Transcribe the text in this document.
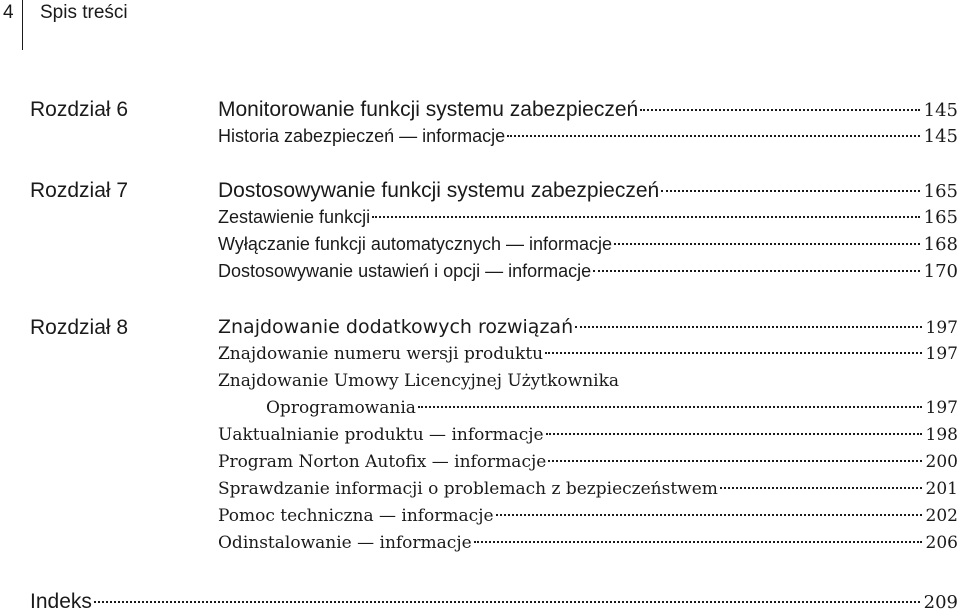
4 Spis treści
Rozdział 6	Monitorowanie funkcji systemu zabezpieczeń	145
Historia zabezpieczeń — informacje	145
Rozdział 7	Dostosowywanie funkcji systemu zabezpieczeń	165
Zestawienie funkcji	165
Wyłączanie funkcji automatycznych — informacje	168
Dostosowywanie ustawień i opcji — informacje	170
Rozdział 8	Znajdowanie dodatkowych rozwiązań	197
Znajdowanie numeru wersji produktu	197
Znajdowanie Umowy Licencyjnej Użytkownika
Oprogramowania	197
Uaktualnianie produktu — informacje	198
Program Norton Autofix — informacje	200
Sprawdzanie informacji o problemach z bezpieczeństwem	201
Pomoc techniczna — informacje	202
Odinstalowanie — informacje	206
Indeks	209
